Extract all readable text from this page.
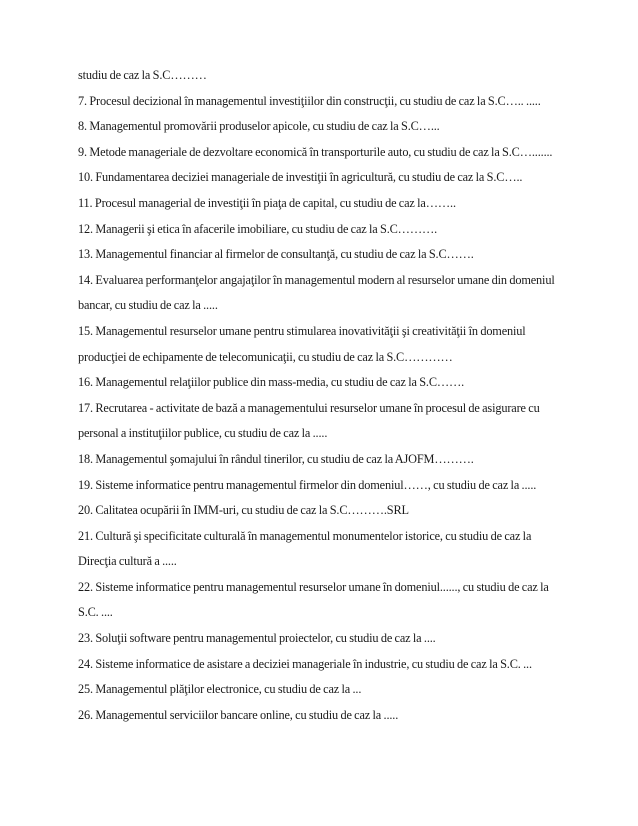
studiu de caz la S.C………
7. Procesul decizional în managementul investiţiilor din construcţii, cu studiu de caz la S.C….. .....
8. Managementul promovării produselor apicole, cu studiu de caz la S.C…...
9. Metode manageriale de dezvoltare economică în transporturile auto, cu studiu de caz la S.C….......
10. Fundamentarea deciziei manageriale de investiţii în agricultură, cu studiu de caz la S.C…..
11. Procesul managerial de investiţii în piaţa de capital, cu studiu de caz la……..
12. Managerii şi etica în afacerile imobiliare, cu studiu de caz la S.C……….
13. Managementul financiar al firmelor de consultanţă, cu studiu de caz la S.C…….
14. Evaluarea performanţelor angajaţilor în managementul modern al resurselor umane din domeniul
bancar, cu studiu de caz la .....
15. Managementul resurselor umane pentru stimularea inovativităţii şi creativităţii în domeniul
producţiei de echipamente de telecomunicaţii, cu studiu de caz la S.C…………
16. Managementul relaţiilor publice din mass-media, cu studiu de caz la S.C…….
17. Recrutarea - activitate de bază a managementului resurselor umane în procesul de asigurare cu
personal a instituţiilor publice, cu studiu de caz la .....
18. Managementul şomajului în rândul tinerilor, cu studiu de caz la AJOFM……….
19. Sisteme informatice pentru managementul firmelor din domeniul……, cu studiu de caz la .....
20. Calitatea ocupării în IMM-uri, cu studiu de caz la S.C……….SRL
21. Cultură şi specificitate culturală în managementul monumentelor istorice, cu studiu de caz la
Direcţia cultură a .....
22. Sisteme informatice pentru managementul resurselor umane în domeniul......, cu studiu de caz la
S.C. ....
23. Soluţii software pentru managementul proiectelor, cu studiu de caz la ....
24. Sisteme informatice de asistare a deciziei manageriale în industrie, cu studiu de caz la S.C. ...
25. Managementul plăţilor electronice, cu studiu de caz la ...
26. Managementul serviciilor bancare online, cu studiu de caz la .....
